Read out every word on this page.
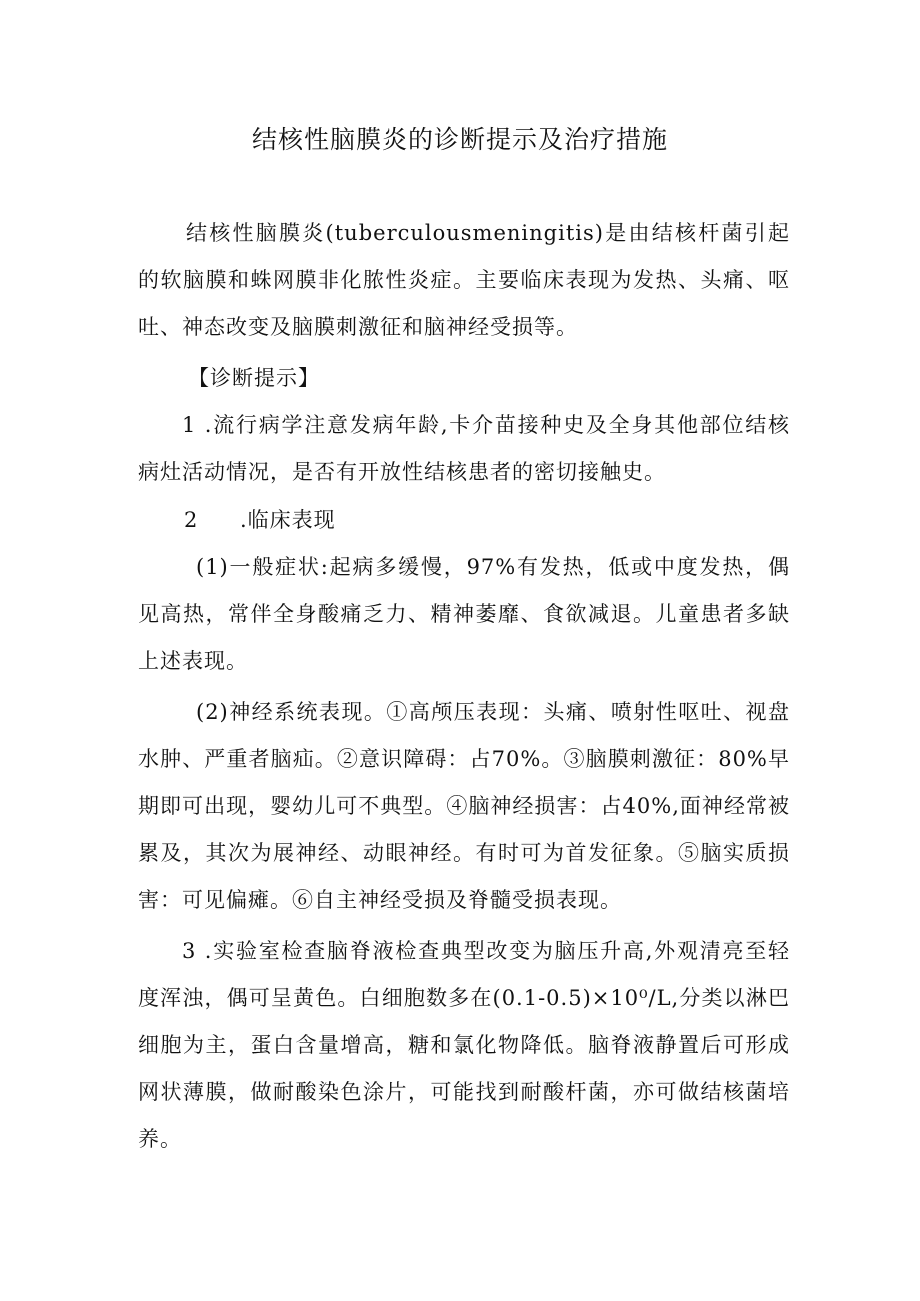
结核性脑膜炎的诊断提示及治疗措施
结核性脑膜炎(tuberculousmeningitis)是由结核杆菌引起的软脑膜和蛛网膜非化脓性炎症。主要临床表现为发热、头痛、呕吐、神态改变及脑膜刺激征和脑神经受损等。
【诊断提示】
1 .流行病学注意发病年龄,卡介苗接种史及全身其他部位结核病灶活动情况，是否有开放性结核患者的密切接触史。
2 .临床表现
(1)一般症状:起病多缓慢，97%有发热，低或中度发热，偶见高热，常伴全身酸痛乏力、精神萎靡、食欲减退。儿童患者多缺上述表现。
(2)神经系统表现。①高颅压表现：头痛、喷射性呕吐、视盘水肿、严重者脑疝。②意识障碍：占70%。③脑膜刺激征：80%早期即可出现，婴幼儿可不典型。④脑神经损害：占40%,面神经常被累及，其次为展神经、动眼神经。有时可为首发征象。⑤脑实质损害：可见偏瘫。⑥自主神经受损及脊髓受损表现。
3 .实验室检查脑脊液检查典型改变为脑压升高,外观清亮至轻度浑浊，偶可呈黄色。白细胞数多在(0.1-0.5)×10⁰/L,分类以淋巴细胞为主，蛋白含量增高，糖和氯化物降低。脑脊液静置后可形成网状薄膜，做耐酸染色涂片，可能找到耐酸杆菌，亦可做结核菌培养。
